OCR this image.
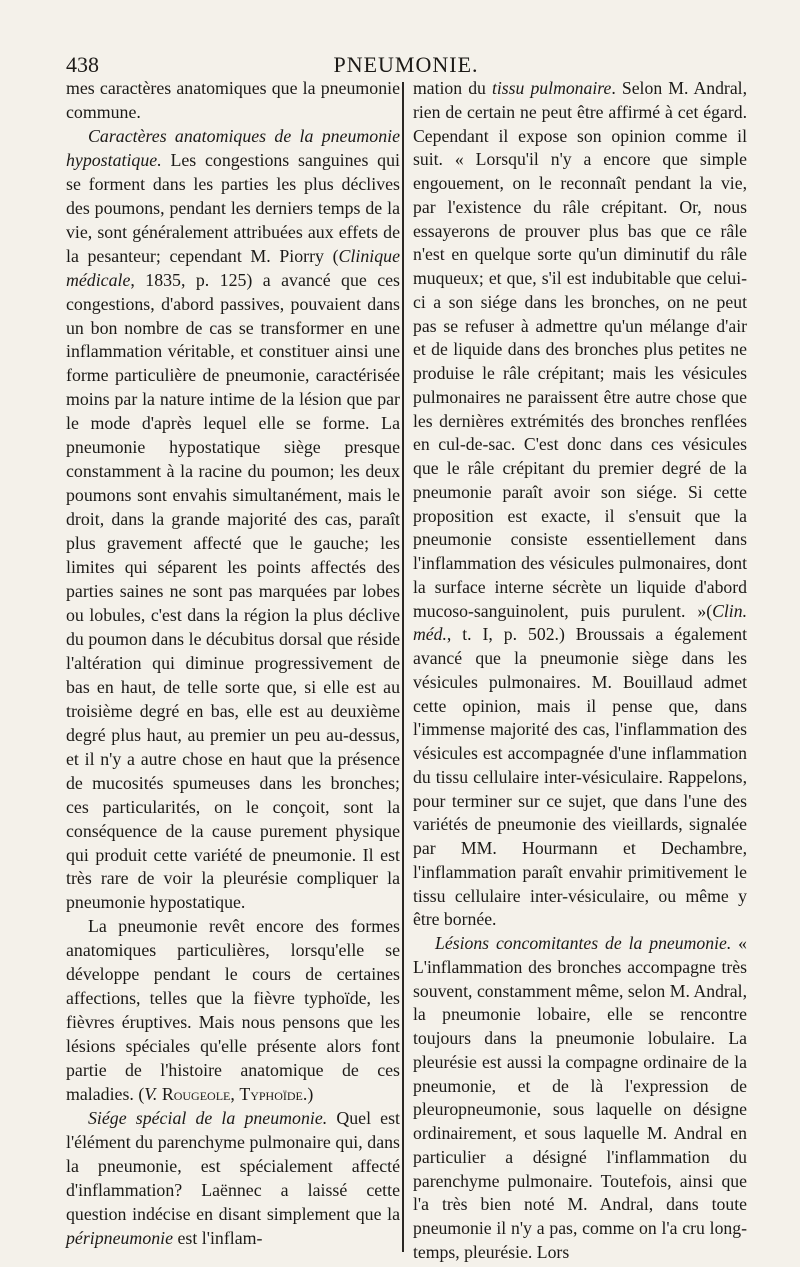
438	PNEUMONIE.

mes caractères anatomiques que la pneumonie commune.

Caractères anatomiques de la pneumonie hypostatique. Les congestions sanguines qui se forment dans les parties les plus déclives des poumons, pendant les derniers temps de la vie, sont généralement attribuées aux effets de la pesanteur; cependant M. Piorry (Clinique médicale, 1835, p. 125) a avancé que ces congestions, d'abord passives, pouvaient dans un bon nombre de cas se transformer en une inflammation véritable, et constituer ainsi une forme particulière de pneumonie, caractérisée moins par la nature intime de la lésion que par le mode d'après lequel elle se forme. La pneumonie hypostatique siège presque constamment à la racine du poumon; les deux poumons sont envahis simultanément, mais le droit, dans la grande majorité des cas, paraît plus gravement affecté que le gauche; les limites qui séparent les points affectés des parties saines ne sont pas marquées par lobes ou lobules, c'est dans la région la plus déclive du poumon dans le décubitus dorsal que réside l'altération qui diminue progressivement de bas en haut, de telle sorte que, si elle est au troisième degré en bas, elle est au deuxième degré plus haut, au premier un peu au-dessus, et il n'y a autre chose en haut que la présence de mucosités spumeuses dans les bronches; ces particularités, on le conçoit, sont la conséquence de la cause purement physique qui produit cette variété de pneumonie. Il est très rare de voir la pleurésie compliquer la pneumonie hypostatique.

La pneumonie revêt encore des formes anatomiques particulières, lorsqu'elle se développe pendant le cours de certaines affections, telles que la fièvre typhoïde, les fièvres éruptives. Mais nous pensons que les lésions spéciales qu'elle présente alors font partie de l'histoire anatomique de ces maladies. (V. Rougeole, Typhoïde.)

Siége spécial de la pneumonie. Quel est l'élément du parenchyme pulmonaire qui, dans la pneumonie, est spécialement affecté d'inflammation? Laënnec a laissé cette question indécise en disant simplement que la péripneumonie est l'inflam-

mation du tissu pulmonaire. Selon M. Andral, rien de certain ne peut être affirmé à cet égard. Cependant il expose son opinion comme il suit. « Lorsqu'il n'y a encore que simple engouement, on le reconnaît pendant la vie, par l'existence du râle crépitant. Or, nous essayerons de prouver plus bas que ce râle n'est en quelque sorte qu'un diminutif du râle muqueux; et que, s'il est indubitable que celui-ci a son siége dans les bronches, on ne peut pas se refuser à admettre qu'un mélange d'air et de liquide dans des bronches plus petites ne produise le râle crépitant; mais les vésicules pulmonaires ne paraissent être autre chose que les dernières extrémités des bronches renflées en cul-de-sac. C'est donc dans ces vésicules que le râle crépitant du premier degré de la pneumonie paraît avoir son siége. Si cette proposition est exacte, il s'ensuit que la pneumonie consiste essentiellement dans l'inflammation des vésicules pulmonaires, dont la surface interne sécrète un liquide d'abord mucoso-sanguinolent, puis purulent. »(Clin. méd., t. I, p. 502.) Broussais a également avancé que la pneumonie siège dans les vésicules pulmonaires. M. Bouillaud admet cette opinion, mais il pense que, dans l'immense majorité des cas, l'inflammation des vésicules est accompagnée d'une inflammation du tissu cellulaire inter-vésiculaire. Rappelons, pour terminer sur ce sujet, que dans l'une des variétés de pneumonie des vieillards, signalée par MM. Hourmann et Dechambre, l'inflammation paraît envahir primitivement le tissu cellulaire inter-vésiculaire, ou même y être bornée.

Lésions concomitantes de la pneumonie. « L'inflammation des bronches accompagne très souvent, constamment même, selon M. Andral, la pneumonie lobaire, elle se rencontre toujours dans la pneumonie lobulaire. La pleurésie est aussi la compagne ordinaire de la pneumonie, et de là l'expression de pleuropneumonie, sous laquelle on désigne ordinairement, et sous laquelle M. Andral en particulier a désigné l'inflammation du parenchyme pulmonaire. Toutefois, ainsi que l'a très bien noté M. Andral, dans toute pneumonie il n'y a pas, comme on l'a cru long-temps, pleurésie. Lors
